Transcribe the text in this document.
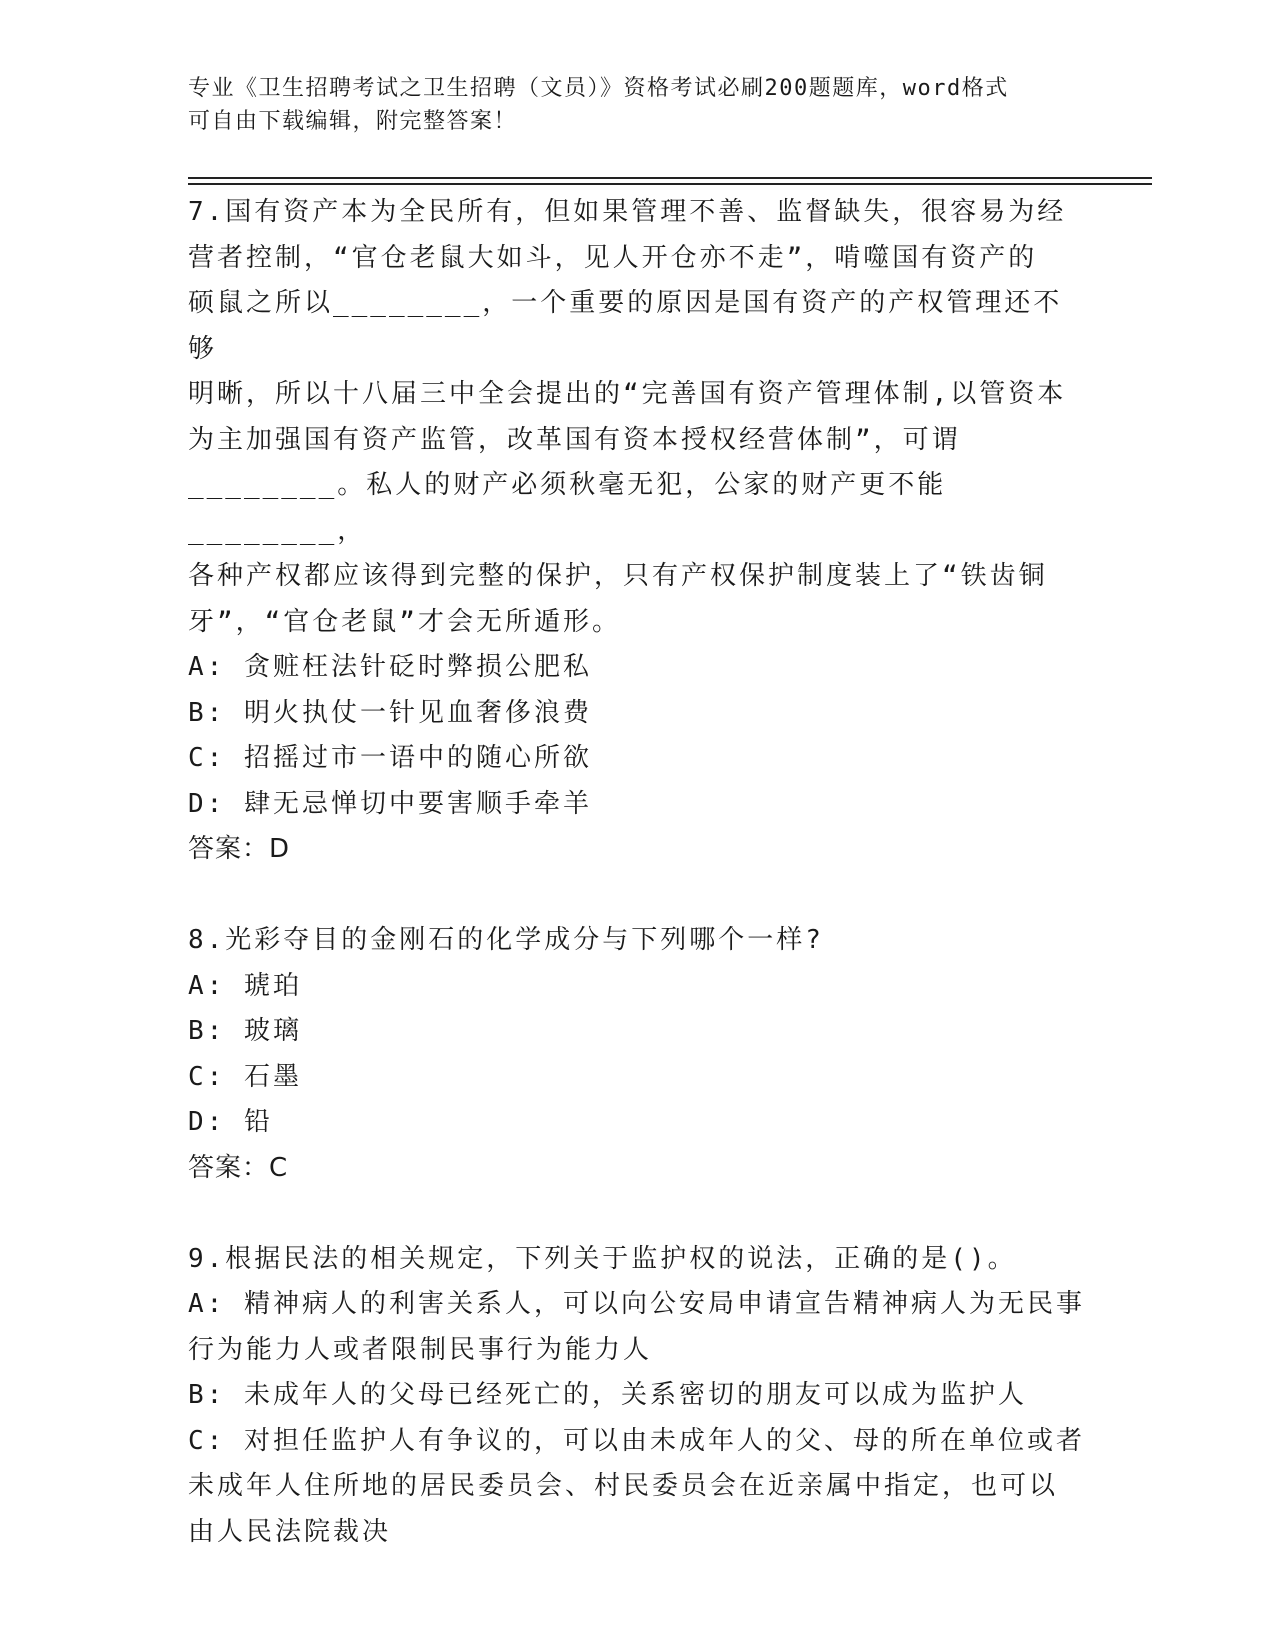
专业《卫生招聘考试之卫生招聘（文员）》资格考试必刷200题题库，word格式
可自由下载编辑，附完整答案！
7.国有资产本为全民所有，但如果管理不善、监督缺失，很容易为经
营者控制，“官仓老鼠大如斗，见人开仓亦不走”，啃噬国有资产的
硕鼠之所以________，一个重要的原因是国有资产的产权管理还不够
明晰，所以十八届三中全会提出的“完善国有资产管理体制,以管资本
为主加强国有资产监管，改革国有资本授权经营体制”，可谓
________。私人的财产必须秋毫无犯，公家的财产更不能________，
各种产权都应该得到完整的保护，只有产权保护制度装上了“铁齿铜
牙”，“官仓老鼠”才会无所遁形。
A: 贪赃枉法针砭时弊损公肥私
B: 明火执仗一针见血奢侈浪费
C: 招摇过市一语中的随心所欲
D: 肆无忌惮切中要害顺手牵羊
答案：D
8.光彩夺目的金刚石的化学成分与下列哪个一样?
A: 琥珀
B: 玻璃
C: 石墨
D: 铅
答案：C
9.根据民法的相关规定，下列关于监护权的说法，正确的是()。
A: 精神病人的利害关系人，可以向公安局申请宣告精神病人为无民事
行为能力人或者限制民事行为能力人
B: 未成年人的父母已经死亡的，关系密切的朋友可以成为监护人
C: 对担任监护人有争议的，可以由未成年人的父、母的所在单位或者
未成年人住所地的居民委员会、村民委员会在近亲属中指定，也可以
由人民法院裁决
